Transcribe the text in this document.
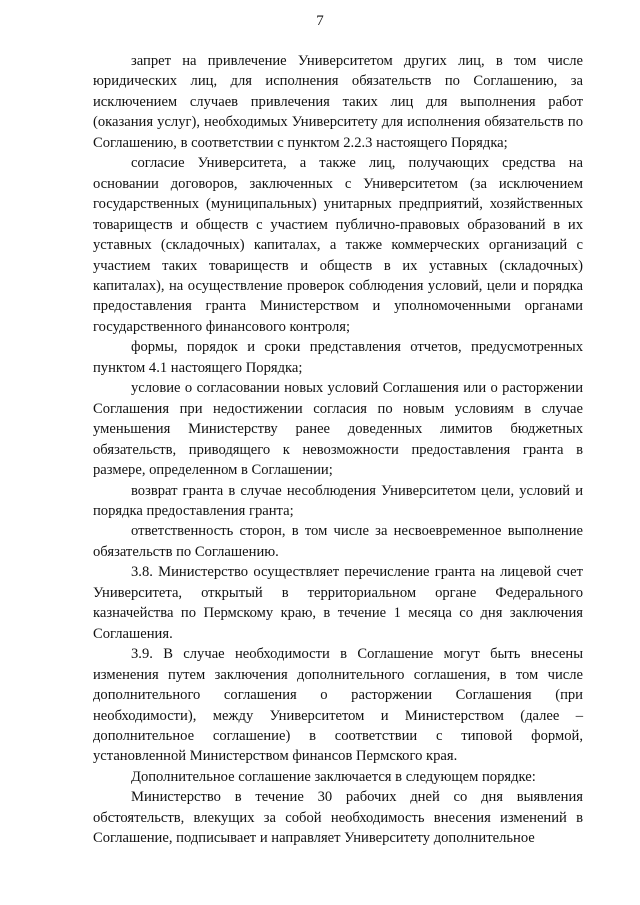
7

запрет на привлечение Университетом других лиц, в том числе юридических лиц, для исполнения обязательств по Соглашению, за исключением случаев привлечения таких лиц для выполнения работ (оказания услуг), необходимых Университету для исполнения обязательств по Соглашению, в соответствии с пунктом 2.2.3 настоящего Порядка;

согласие Университета, а также лиц, получающих средства на основании договоров, заключенных с Университетом (за исключением государственных (муниципальных) унитарных предприятий, хозяйственных товариществ и обществ с участием публично-правовых образований в их уставных (складочных) капиталах, а также коммерческих организаций с участием таких товариществ и обществ в их уставных (складочных) капиталах), на осуществление проверок соблюдения условий, цели и порядка предоставления гранта Министерством и уполномоченными органами государственного финансового контроля;

формы, порядок и сроки представления отчетов, предусмотренных пунктом 4.1 настоящего Порядка;

условие о согласовании новых условий Соглашения или о расторжении Соглашения при недостижении согласия по новым условиям в случае уменьшения Министерству ранее доведенных лимитов бюджетных обязательств, приводящего к невозможности предоставления гранта в размере, определенном в Соглашении;

возврат гранта в случае несоблюдения Университетом цели, условий и порядка предоставления гранта;

ответственность сторон, в том числе за несвоевременное выполнение обязательств по Соглашению.

3.8. Министерство осуществляет перечисление гранта на лицевой счет Университета, открытый в территориальном органе Федерального казначейства по Пермскому краю, в течение 1 месяца со дня заключения Соглашения.

3.9. В случае необходимости в Соглашение могут быть внесены изменения путем заключения дополнительного соглашения, в том числе дополнительного соглашения о расторжении Соглашения (при необходимости), между Университетом и Министерством (далее – дополнительное соглашение) в соответствии с типовой формой, установленной Министерством финансов Пермского края.

Дополнительное соглашение заключается в следующем порядке:

Министерство в течение 30 рабочих дней со дня выявления обстоятельств, влекущих за собой необходимость внесения изменений в Соглашение, подписывает и направляет Университету дополнительное
